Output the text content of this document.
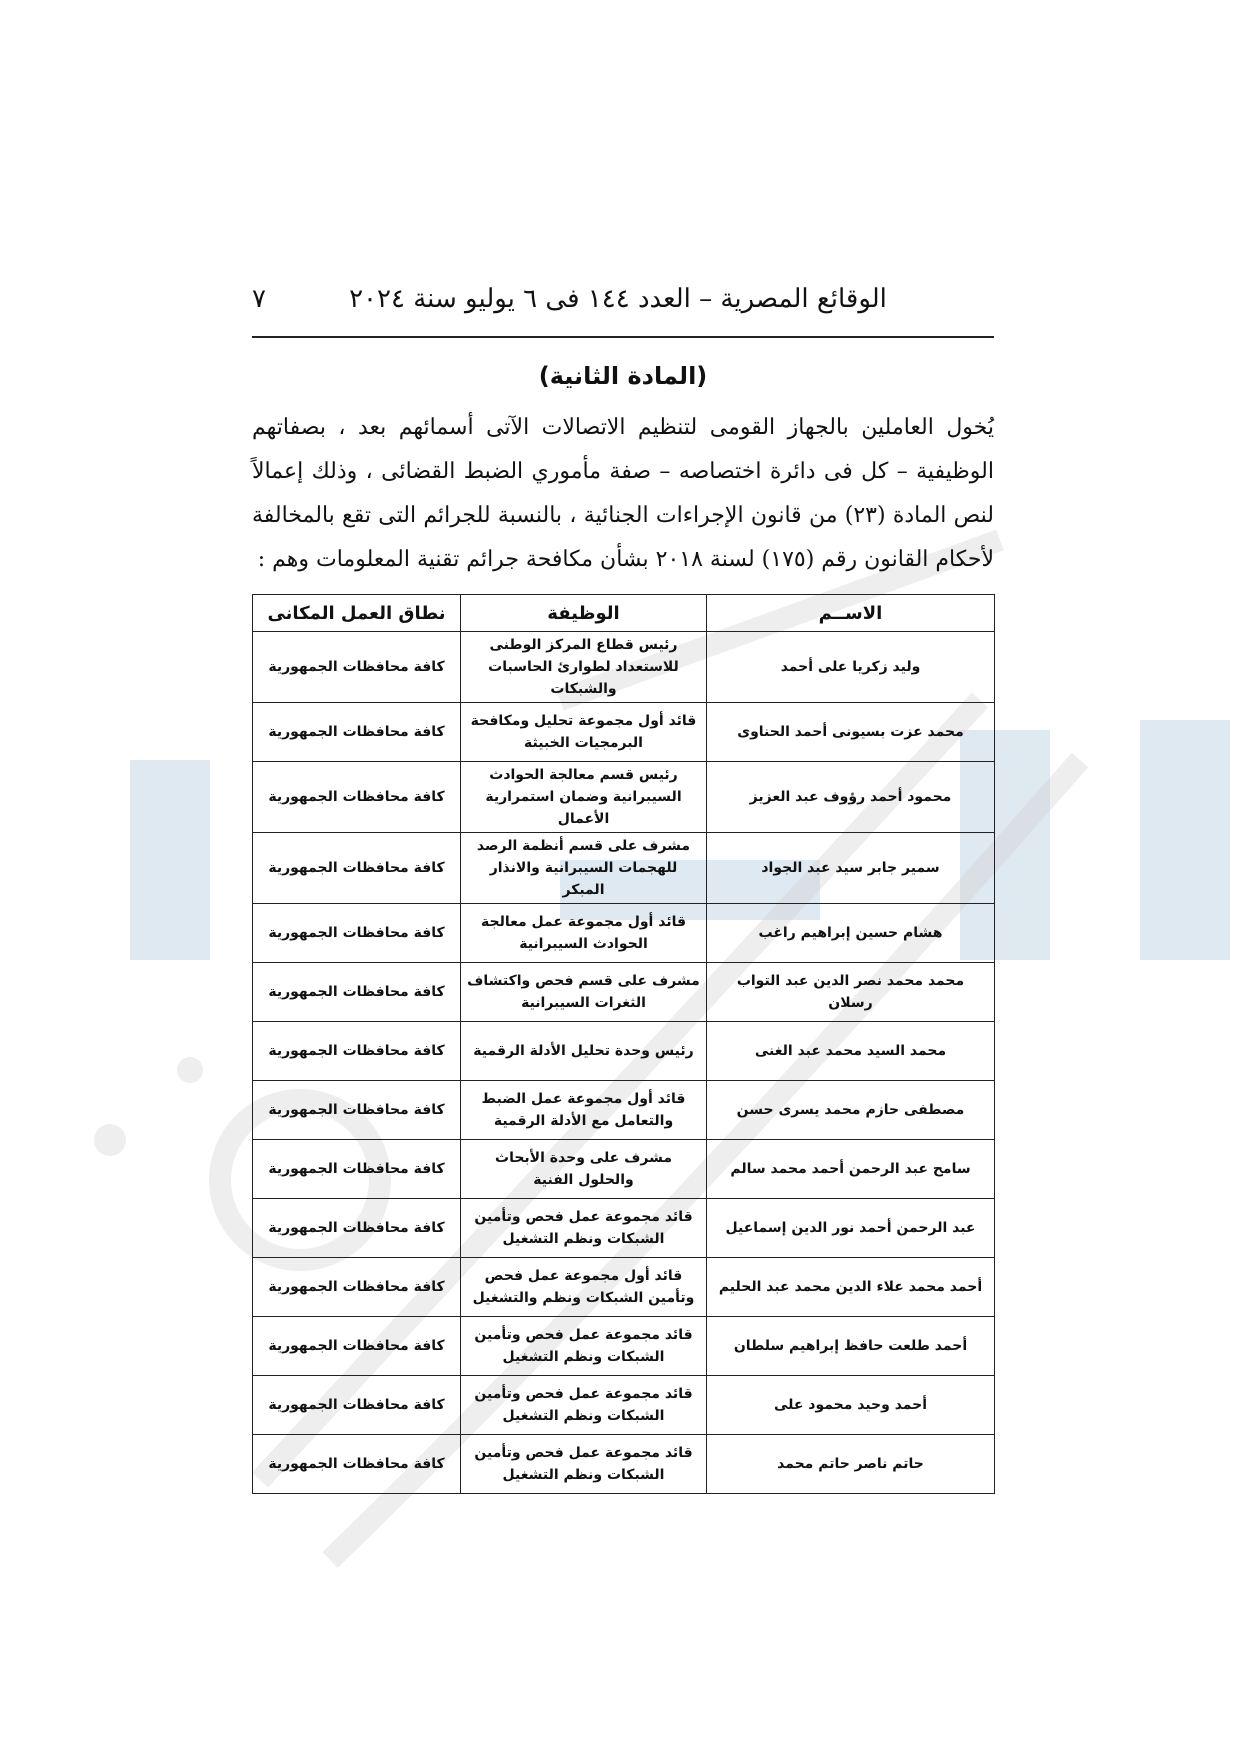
٧	الوقائع المصرية – العدد ١٤٤ فى ٦ يوليو سنة ٢٠٢٤
(المادة الثانية)

يُخول العاملين بالجهاز القومى لتنظيم الاتصالات الآتى أسمائهم بعد ، بصفاتهم الوظيفية – كل فى دائرة اختصاصه – صفة مأموري الضبط القضائى ، وذلك إعمالاً لنص المادة (٢٣) من قانون الإجراءات الجنائية ، بالنسبة للجرائم التى تقع بالمخالفة لأحكام القانون رقم (١٧٥) لسنة ٢٠١٨ بشأن مكافحة جرائم تقنية المعلومات وهم :

الاســم	الوظيفة	نطاق العمل المكانى
وليد زكريا على أحمد	رئيس قطاع المركز الوطنى للاستعداد لطوارئ الحاسبات والشبكات	كافة محافظات الجمهورية
محمد عزت بسيونى أحمد الحناوى	قائد أول مجموعة تحليل ومكافحة البرمجيات الخبيثة	كافة محافظات الجمهورية
محمود أحمد رؤوف عبد العزيز	رئيس قسم معالجة الحوادث السيبرانية وضمان استمرارية الأعمال	كافة محافظات الجمهورية
سمير جابر سيد عبد الجواد	مشرف على قسم أنظمة الرصد للهجمات السيبرانية والانذار المبكر	كافة محافظات الجمهورية
هشام حسين إبراهيم راغب	قائد أول مجموعة عمل معالجة الحوادث السيبرانية	كافة محافظات الجمهورية
محمد محمد نصر الدين عبد التواب رسلان	مشرف على قسم فحص واكتشاف الثغرات السيبرانية	كافة محافظات الجمهورية
محمد السيد محمد عبد الغنى	رئيس وحدة تحليل الأدلة الرقمية	كافة محافظات الجمهورية
مصطفى حازم محمد يسرى حسن	قائد أول مجموعة عمل الضبط والتعامل مع الأدلة الرقمية	كافة محافظات الجمهورية
سامح عبد الرحمن أحمد محمد سالم	مشرف على وحدة الأبحاث والحلول الفنية	كافة محافظات الجمهورية
عبد الرحمن أحمد نور الدين إسماعيل	قائد مجموعة عمل فحص وتأمين الشبكات ونظم التشغيل	كافة محافظات الجمهورية
أحمد محمد علاء الدين محمد عبد الحليم	قائد أول مجموعة عمل فحص وتأمين الشبكات ونظم والتشغيل	كافة محافظات الجمهورية
أحمد طلعت حافظ إبراهيم سلطان	قائد مجموعة عمل فحص وتأمين الشبكات ونظم التشغيل	كافة محافظات الجمهورية
أحمد وحيد محمود على	قائد مجموعة عمل فحص وتأمين الشبكات ونظم التشغيل	كافة محافظات الجمهورية
حاتم ناصر حاتم محمد	قائد مجموعة عمل فحص وتأمين الشبكات ونظم التشغيل	كافة محافظات الجمهورية
